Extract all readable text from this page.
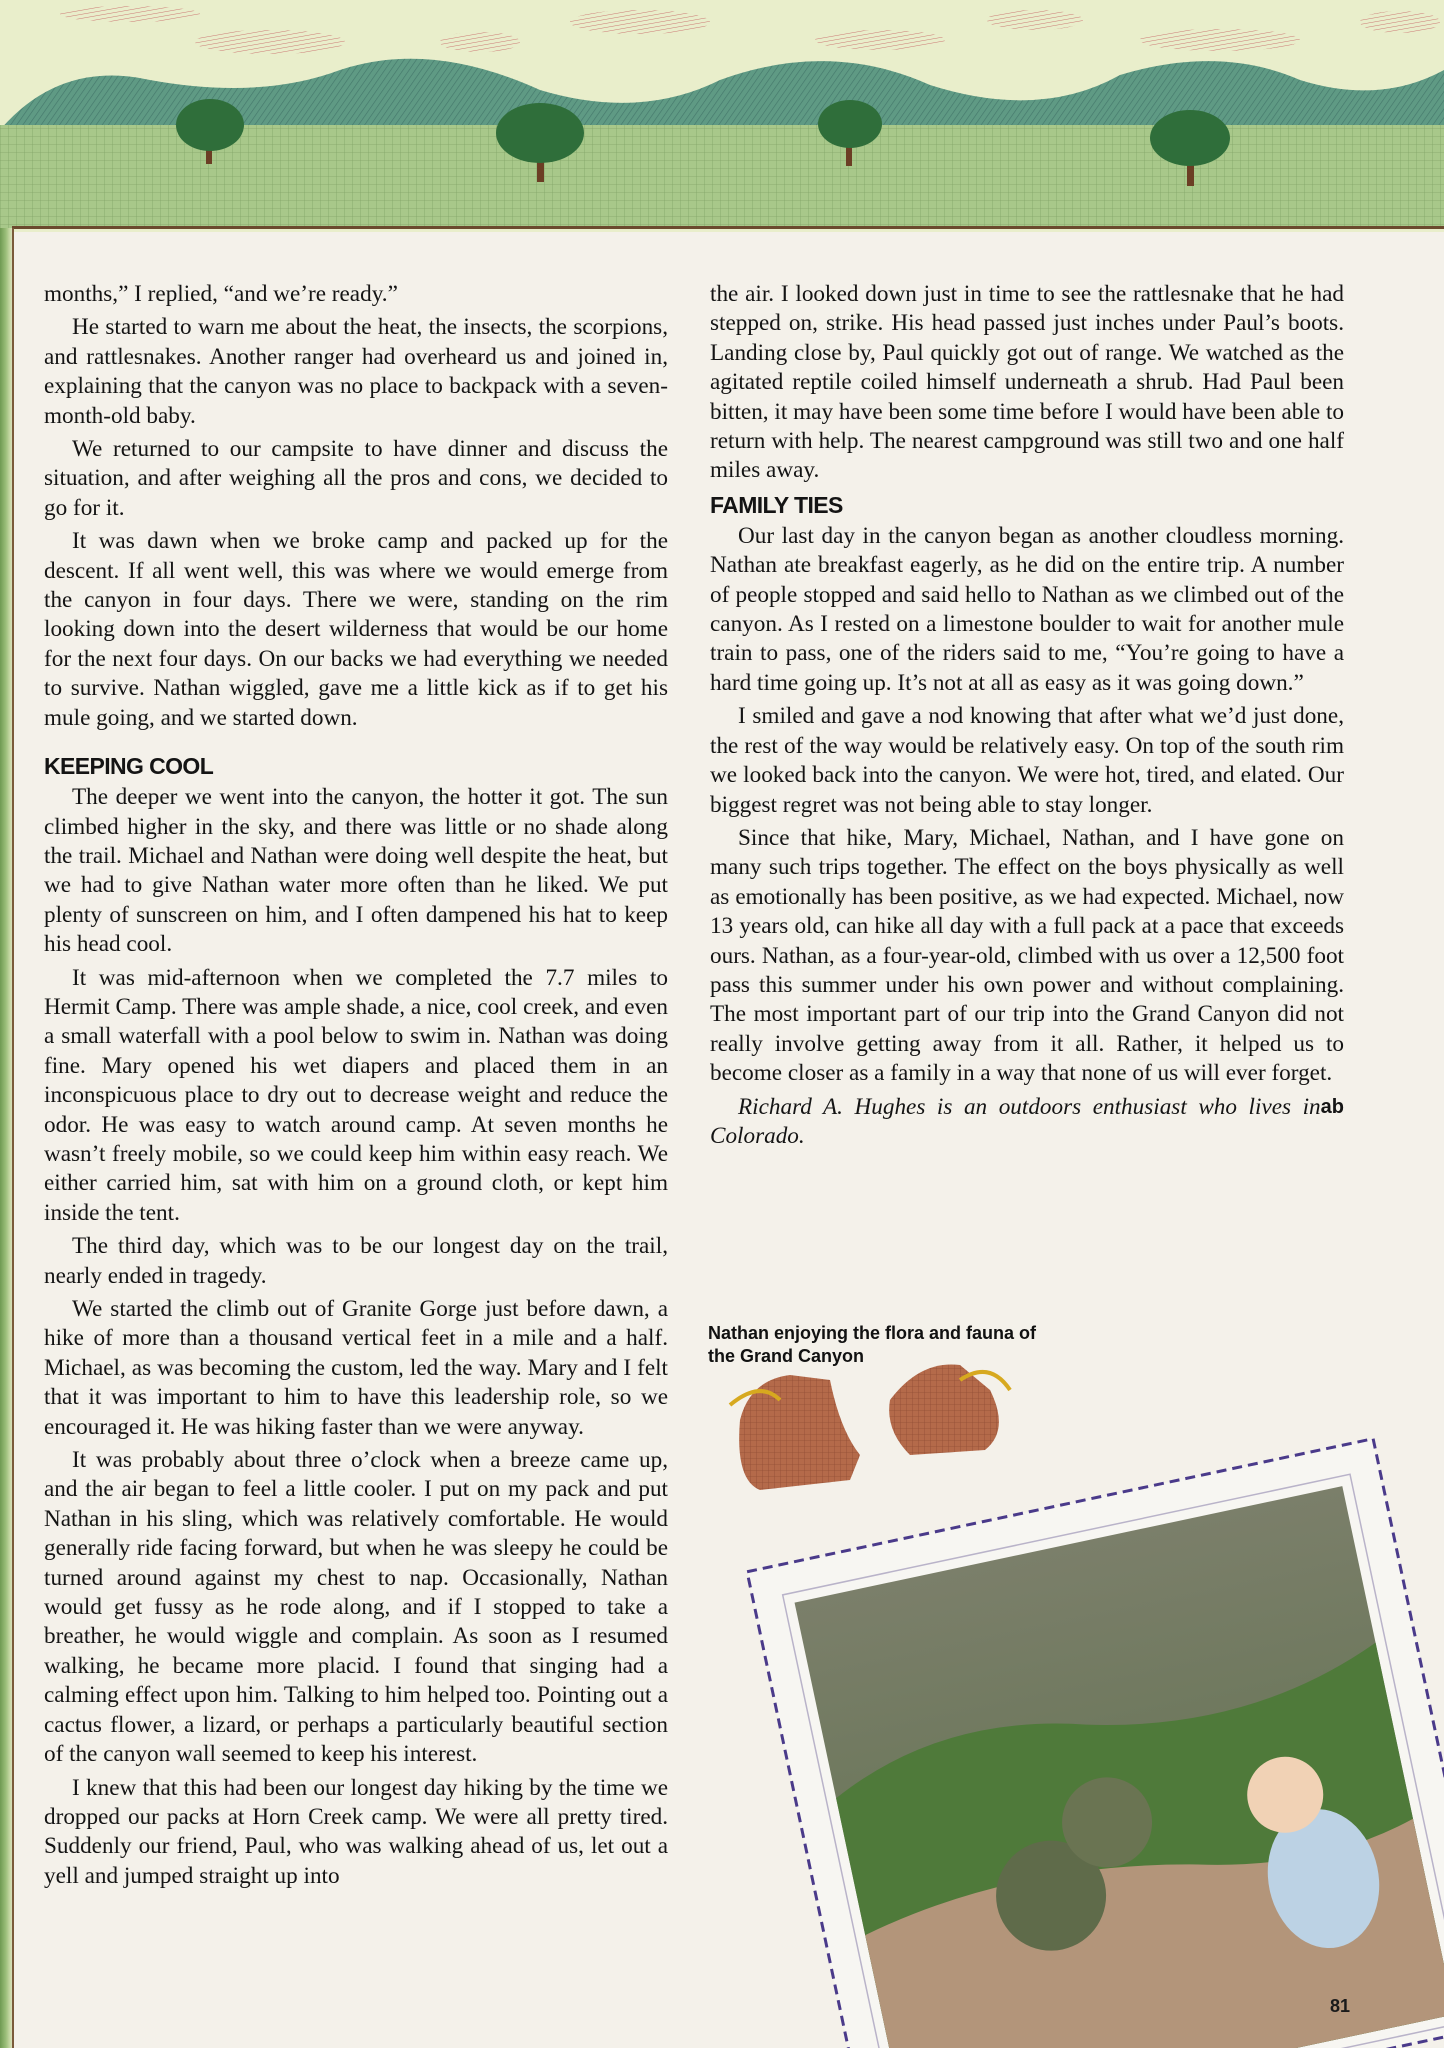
months,” I replied, “and we’re ready.”

He started to warn me about the heat, the insects, the scorpions, and rattlesnakes. Another ranger had overheard us and joined in, explaining that the canyon was no place to backpack with a seven-month-old baby.

We returned to our campsite to have dinner and discuss the situation, and after weighing all the pros and cons, we decided to go for it.

It was dawn when we broke camp and packed up for the descent. If all went well, this was where we would emerge from the canyon in four days. There we were, standing on the rim looking down into the desert wilderness that would be our home for the next four days. On our backs we had everything we needed to survive. Nathan wiggled, gave me a little kick as if to get his mule going, and we started down.

KEEPING COOL

The deeper we went into the canyon, the hotter it got. The sun climbed higher in the sky, and there was little or no shade along the trail. Michael and Nathan were doing well despite the heat, but we had to give Nathan water more often than he liked. We put plenty of sunscreen on him, and I often dampened his hat to keep his head cool.

It was mid-afternoon when we completed the 7.7 miles to Hermit Camp. There was ample shade, a nice, cool creek, and even a small waterfall with a pool below to swim in. Nathan was doing fine. Mary opened his wet diapers and placed them in an inconspicuous place to dry out to decrease weight and reduce the odor. He was easy to watch around camp. At seven months he wasn’t freely mobile, so we could keep him within easy reach. We either carried him, sat with him on a ground cloth, or kept him inside the tent.

The third day, which was to be our longest day on the trail, nearly ended in tragedy.

We started the climb out of Granite Gorge just before dawn, a hike of more than a thousand vertical feet in a mile and a half. Michael, as was becoming the custom, led the way. Mary and I felt that it was important to him to have this leadership role, so we encouraged it. He was hiking faster than we were anyway.

It was probably about three o’clock when a breeze came up, and the air began to feel a little cooler. I put on my pack and put Nathan in his sling, which was relatively comfortable. He would generally ride facing forward, but when he was sleepy he could be turned around against my chest to nap. Occasionally, Nathan would get fussy as he rode along, and if I stopped to take a breather, he would wiggle and complain. As soon as I resumed walking, he became more placid. I found that singing had a calming effect upon him. Talking to him helped too. Pointing out a cactus flower, a lizard, or perhaps a particularly beautiful section of the canyon wall seemed to keep his interest.

I knew that this had been our longest day hiking by the time we dropped our packs at Horn Creek camp. We were all pretty tired. Suddenly our friend, Paul, who was walking ahead of us, let out a yell and jumped straight up into

the air. I looked down just in time to see the rattlesnake that he had stepped on, strike. His head passed just inches under Paul’s boots. Landing close by, Paul quickly got out of range. We watched as the agitated reptile coiled himself underneath a shrub. Had Paul been bitten, it may have been some time before I would have been able to return with help. The nearest campground was still two and one half miles away.

FAMILY TIES

Our last day in the canyon began as another cloudless morning. Nathan ate breakfast eagerly, as he did on the entire trip. A number of people stopped and said hello to Nathan as we climbed out of the canyon. As I rested on a limestone boulder to wait for another mule train to pass, one of the riders said to me, “You’re going to have a hard time going up. It’s not at all as easy as it was going down.”

I smiled and gave a nod knowing that after what we’d just done, the rest of the way would be relatively easy. On top of the south rim we looked back into the canyon. We were hot, tired, and elated. Our biggest regret was not being able to stay longer.

Since that hike, Mary, Michael, Nathan, and I have gone on many such trips together. The effect on the boys physically as well as emotionally has been positive, as we had expected. Michael, now 13 years old, can hike all day with a full pack at a pace that exceeds ours. Nathan, as a four-year-old, climbed with us over a 12,500 foot pass this summer under his own power and without complaining. The most important part of our trip into the Grand Canyon did not really involve getting away from it all. Rather, it helped us to become closer as a family in a way that none of us will ever forget.

ab

Richard A. Hughes is an outdoors enthusiast who lives in Colorado.

Nathan enjoying the flora and fauna of the Grand Canyon
81
